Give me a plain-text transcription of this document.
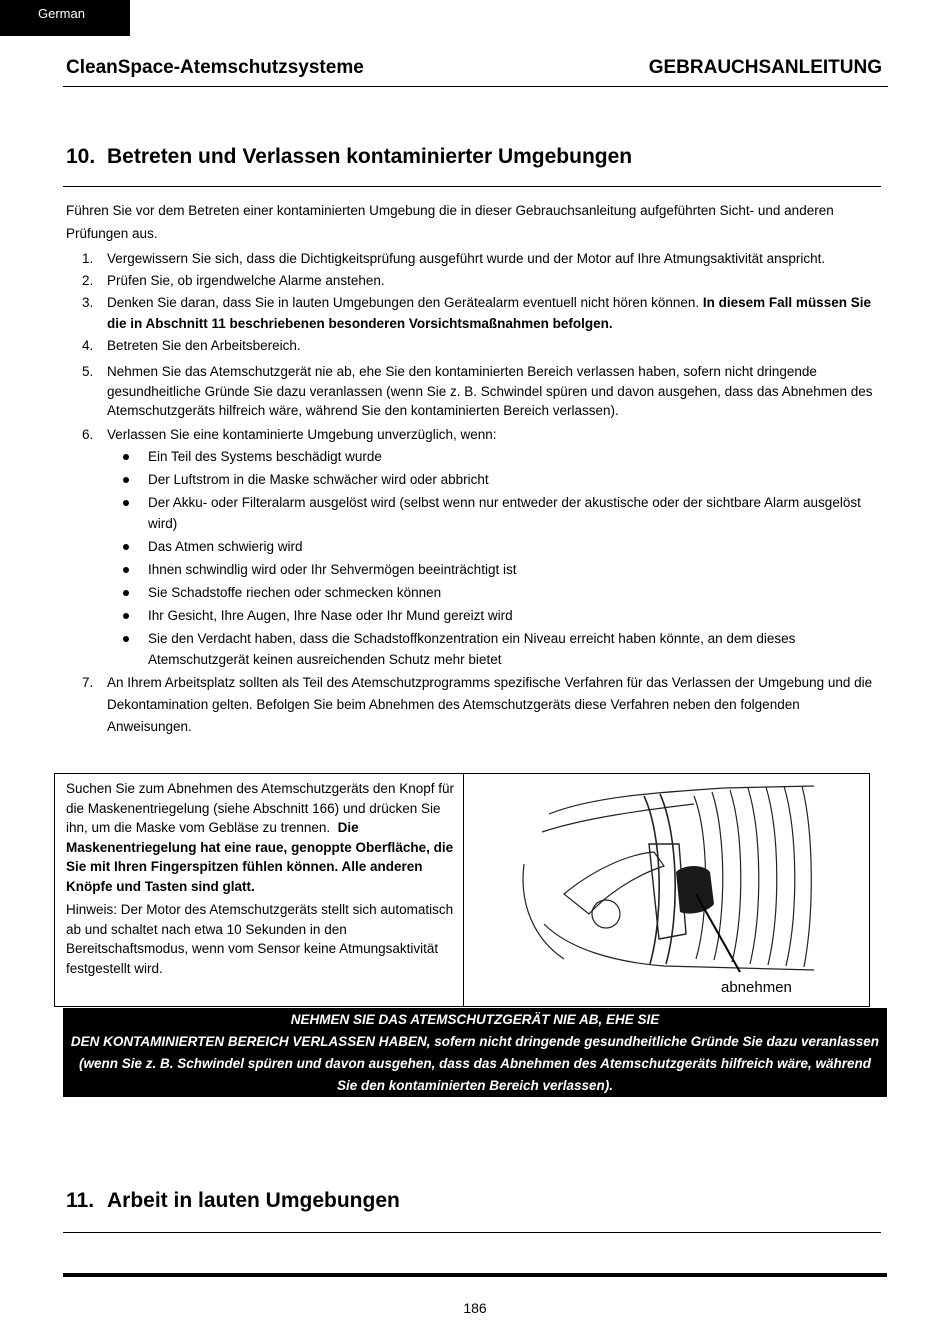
German
CleanSpace-Atemschutzsysteme	GEBRAUCHSANLEITUNG
10. Betreten und Verlassen kontaminierter Umgebungen
Führen Sie vor dem Betreten einer kontaminierten Umgebung die in dieser Gebrauchsanleitung aufgeführten Sicht- und anderen Prüfungen aus.
1. Vergewissern Sie sich, dass die Dichtigkeitsprüfung ausgeführt wurde und der Motor auf Ihre Atmungsaktivität anspricht.
2. Prüfen Sie, ob irgendwelche Alarme anstehen.
3. Denken Sie daran, dass Sie in lauten Umgebungen den Gerätealarm eventuell nicht hören können. In diesem Fall müssen Sie die in Abschnitt 11 beschriebenen besonderen Vorsichtsmaßnahmen befolgen.
4. Betreten Sie den Arbeitsbereich.
5. Nehmen Sie das Atemschutzgerät nie ab, ehe Sie den kontaminierten Bereich verlassen haben, sofern nicht dringende gesundheitliche Gründe Sie dazu veranlassen (wenn Sie z. B. Schwindel spüren und davon ausgehen, dass das Abnehmen des Atemschutzgeräts hilfreich wäre, während Sie den kontaminierten Bereich verlassen).
6. Verlassen Sie eine kontaminierte Umgebung unverzüglich, wenn:
Ein Teil des Systems beschädigt wurde
Der Luftstrom in die Maske schwächer wird oder abbricht
Der Akku- oder Filteralarm ausgelöst wird (selbst wenn nur entweder der akustische oder der sichtbare Alarm ausgelöst wird)
Das Atmen schwierig wird
Ihnen schwindlig wird oder Ihr Sehvermögen beeinträchtigt ist
Sie Schadstoffe riechen oder schmecken können
Ihr Gesicht, Ihre Augen, Ihre Nase oder Ihr Mund gereizt wird
Sie den Verdacht haben, dass die Schadstoffkonzentration ein Niveau erreicht haben könnte, an dem dieses Atemschutzgerät keinen ausreichenden Schutz mehr bietet
7. An Ihrem Arbeitsplatz sollten als Teil des Atemschutzprogramms spezifische Verfahren für das Verlassen der Umgebung und die Dekontamination gelten. Befolgen Sie beim Abnehmen des Atemschutzgeräts diese Verfahren neben den folgenden Anweisungen.

Suchen Sie zum Abnehmen des Atemschutzgeräts den Knopf für die Maskenentriegelung (siehe Abschnitt 166) und drücken Sie ihn, um die Maske vom Gebläse zu trennen. Die Maskenentriegelung hat eine raue, genoppte Oberfläche, die Sie mit Ihren Fingerspitzen fühlen können. Alle anderen Knöpfe und Tasten sind glatt.

Hinweis: Der Motor des Atemschutzgeräts stellt sich automatisch ab und schaltet nach etwa 10 Sekunden in den Bereitschaftsmodus, wenn vom Sensor keine Atmungsaktivität festgestellt wird.

abnehmen
NEHMEN SIE DAS ATEMSCHUTZGERÄT NIE AB, EHE SIE
DEN KONTAMINIERTEN BEREICH VERLASSEN HABEN, sofern nicht dringende gesundheitliche Gründe Sie dazu veranlassen
(wenn Sie z. B. Schwindel spüren und davon ausgehen, dass das Abnehmen des Atemschutzgeräts hilfreich wäre, während
Sie den kontaminierten Bereich verlassen).
11. Arbeit in lauten Umgebungen
186
